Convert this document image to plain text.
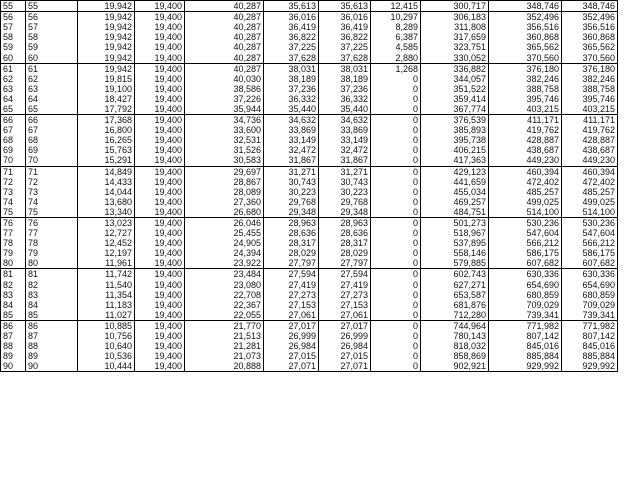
55	55	19,942	19,400	40,287	35,613	35,613	12,415	300,717	348,746	348,746
56	56	19,942	19,400	40,287	36,016	36,016	10,297	306,183	352,496	352,496
57	57	19,942	19,400	40,287	36,419	36,419	8,289	311,808	356,516	356,516
58	58	19,942	19,400	40,287	36,822	36,822	6,387	317,659	360,868	360,868
59	59	19,942	19,400	40,287	37,225	37,225	4,585	323,751	365,562	365,562
60	60	19,942	19,400	40,287	37,628	37,628	2,880	330,052	370,560	370,560
61	61	19,942	19,400	40,287	38,031	38,031	1,268	336,882	376,180	376,180
62	62	19,815	19,400	40,030	38,189	38,189	0	344,057	382,246	382,246
63	63	19,100	19,400	38,586	37,236	37,236	0	351,522	388,758	388,758
64	64	18,427	19,400	37,226	36,332	36,332	0	359,414	395,746	395,746
65	65	17,792	19,400	35,944	35,440	35,440	0	367,774	403,215	403,215
66	66	17,368	19,400	34,736	34,632	34,632	0	376,539	411,171	411,171
67	67	16,800	19,400	33,600	33,869	33,869	0	385,893	419,762	419,762
68	68	16,265	19,400	32,531	33,149	33,149	0	395,738	428,887	428,887
69	69	15,763	19,400	31,526	32,472	32,472	0	406,215	438,687	438,687
70	70	15,291	19,400	30,583	31,867	31,867	0	417,363	449,230	449,230
71	71	14,849	19,400	29,697	31,271	31,271	0	429,123	460,394	460,394
72	72	14,433	19,400	28,867	30,743	30,743	0	441,659	472,402	472,402
73	73	14,044	19,400	28,089	30,223	30,223	0	455,034	485,257	485,257
74	74	13,680	19,400	27,360	29,768	29,768	0	469,257	499,025	499,025
75	75	13,340	19,400	26,680	29,348	29,348	0	484,751	514,100	514,100
76	76	13,023	19,400	26,046	28,963	28,963	0	501,273	530,236	530,236
77	77	12,727	19,400	25,455	28,636	28,636	0	518,967	547,604	547,604
78	78	12,452	19,400	24,905	28,317	28,317	0	537,895	566,212	566,212
79	79	12,197	19,400	24,394	28,029	28,029	0	558,146	586,175	586,175
80	80	11,961	19,400	23,922	27,797	27,797	0	579,885	607,682	607,682
81	81	11,742	19,400	23,484	27,594	27,594	0	602,743	630,336	630,336
82	82	11,540	19,400	23,080	27,419	27,419	0	627,271	654,690	654,690
83	83	11,354	19,400	22,708	27,273	27,273	0	653,587	680,859	680,859
84	84	11,183	19,400	22,367	27,153	27,153	0	681,876	709,029	709,029
85	85	11,027	19,400	22,055	27,061	27,061	0	712,280	739,341	739,341
86	86	10,885	19,400	21,770	27,017	27,017	0	744,964	771,982	771,982
87	87	10,756	19,400	21,513	26,999	26,999	0	780,143	807,142	807,142
88	88	10,640	19,400	21,281	26,984	26,984	0	818,032	845,016	845,016
89	89	10,536	19,400	21,073	27,015	27,015	0	858,869	885,884	885,884
90	90	10,444	19,400	20,888	27,071	27,071	0	902,921	929,992	929,992
